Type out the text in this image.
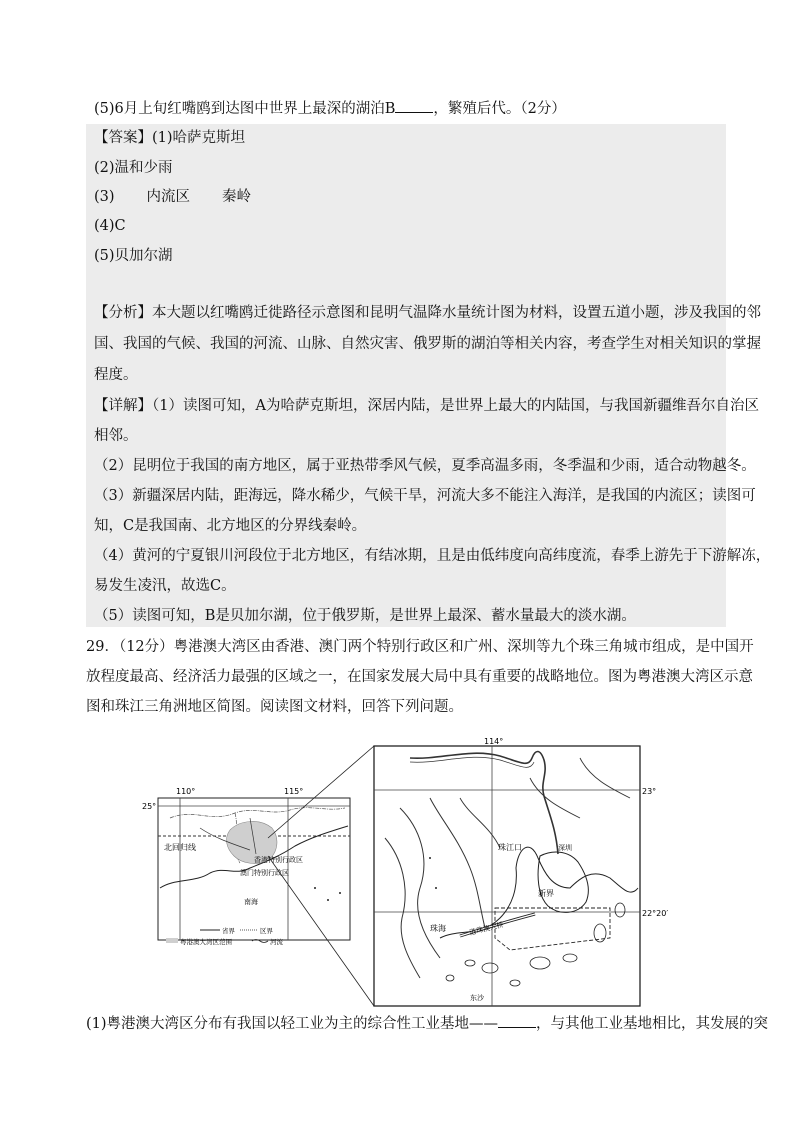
(5)6月上旬红嘴鸥到达图中世界上最深的湖泊B	，繁殖后代。（2分）
【答案】(1)哈萨克斯坦
(2)温和少雨
(3) 内流区 秦岭
(4)C
(5)贝加尔湖
【分析】本大题以红嘴鸥迁徙路径示意图和昆明气温降水量统计图为材料，设置五道小题，涉及我国的邻
国、我国的气候、我国的河流、山脉、自然灾害、俄罗斯的湖泊等相关内容，考查学生对相关知识的掌握
程度。
【详解】（1）读图可知，A为哈萨克斯坦，深居内陆，是世界上最大的内陆国，与我国新疆维吾尔自治区
相邻。
（2）昆明位于我国的南方地区，属于亚热带季风气候，夏季高温多雨，冬季温和少雨，适合动物越冬。
（3）新疆深居内陆，距海远，降水稀少，气候干旱，河流大多不能注入海洋，是我国的内流区；读图可
知，C是我国南、北方地区的分界线秦岭。
（4）黄河的宁夏银川河段位于北方地区，有结冰期，且是由低纬度向高纬度流，春季上游先于下游解冻，
易发生凌汛，故选C。
（5）读图可知，B是贝加尔湖，位于俄罗斯，是世界上最深、蓄水量最大的淡水湖。
29．（12分）粤港澳大湾区由香港、澳门两个特别行政区和广州、深圳等九个珠三角城市组成，是中国开
放程度最高、经济活力最强的区域之一，在国家发展大局中具有重要的战略地位。图为粤港澳大湾区示意
图和珠江三角洲地区简图。阅读图文材料，回答下列问题。
110°	115°
25°
北回归线
香港特别行政区
澳门特别行政区
南海
省界	区界
粤港澳大湾区范围	河流
114°
23°
22°20′
珠江口	深圳
新界
珠海	港珠澳大桥
东沙
(1)粤港澳大湾区分布有我国以轻工业为主的综合性工业基地——	，与其他工业基地相比，其发展的突
